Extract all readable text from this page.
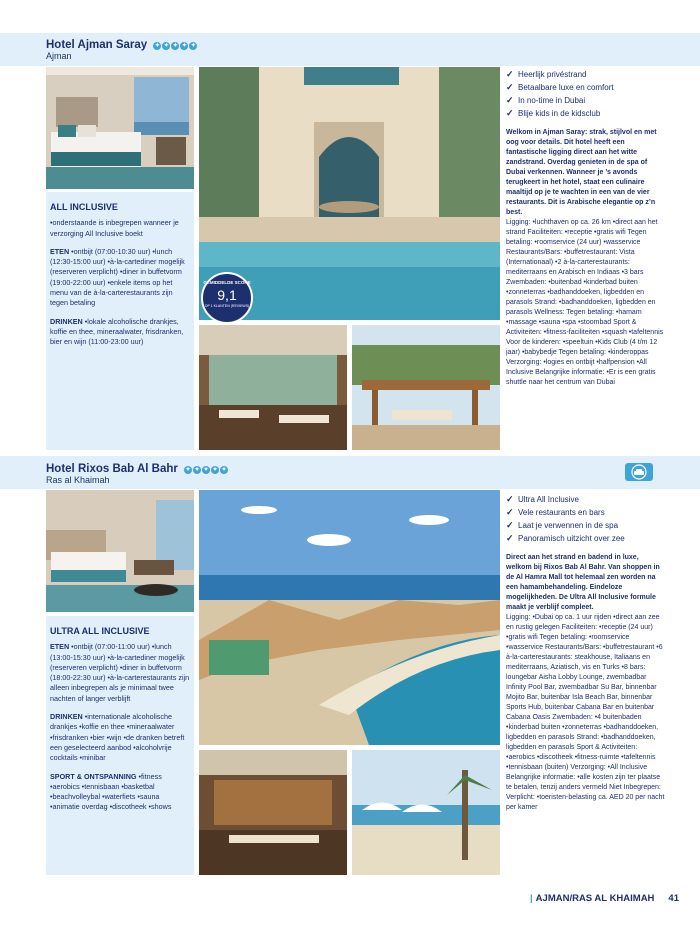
Hotel Ajman Saray ✦ ✦ ✦ ✦ ✦
Ajman
ALL INCLUSIVE

•onderstaande is inbegrepen wanneer je verzorging All Inclusive boekt

ETEN •ontbijt (07:00-10:30 uur) •lunch (12:30-15:00 uur) •à-la-cartediner mogelijk (reserveren verplicht) •diner in buffetvorm (19:00-22:00 uur) •enkele items op het menu van de à-la-carterestaurants zijn tegen betaling

DRINKEN •lokale alcoholische drankjes, koffie en thee, mineraalwater, frisdranken, bier en wijn (11:00-23:00 uur)

GEMIDDELDE SCORE
9,1
OP 1 KLANTEN (REVIEWS)
✓ Heerlijk privéstrand
✓ Betaalbare luxe en comfort
✓ In no-time in Dubai
✓ Blije kids in de kidsclub
Welkom in Ajman Saray: strak, stijlvol en met oog voor details. Dit hotel heeft een fantastische ligging direct aan het witte zandstrand. Overdag genieten in de spa of Dubai verkennen. Wanneer je ’s avonds terugkeert in het hotel, staat een culinaire maaltijd op je te wachten in een van de vier restaurants. Dit is Arabische elegantie op z’n best.
Ligging: •luchthaven op ca. 26 km •direct aan het strand Faciliteiten: •receptie •gratis wifi Tegen betaling: •roomservice (24 uur) •wasservice Restaurants/Bars: •buffetrestaurant: Vista (Internationaal) •2 à-la-carterestaurants: mediterraans en Arabisch en Indiaas •3 bars Zwembaden: •buitenbad •kinderbad buiten •zonneterras •badhanddoeken, ligbedden en parasols Strand: •badhanddoeken, ligbedden en parasols Wellness: Tegen betaling: •hamam •massage •sauna •spa •stoombad Sport & Activiteiten: •fitness-faciliteiten •squash •tafeltennis Voor de kinderen: •speeltuin •Kids Club (4 t/m 12 jaar) •babybedje Tegen betaling: •kinderoppas Verzorging: •logies en ontbijt •halfpension •All Inclusive Belangrijke informatie: •Er is een gratis shuttle naar het centrum van Dubai
Hotel Rixos Bab Al Bahr ✦ ✦ ✦ ✦ ✦
Ras al Khaimah
ULTRA ALL INCLUSIVE

ETEN •ontbijt (07:00-11:00 uur) •lunch (13:00-15:30 uur) •à-la-cartediner mogelijk (reserveren verplicht) •diner in buffetvorm (18:00-22:30 uur) •à-la-carterestaurants zijn alleen inbegrepen als je minimaal twee nachten of langer verblijft

DRINKEN •internationale alcoholische drankjes •koffie en thee •mineraalwater •frisdranken •bier •wijn •de dranken betreft een geselecteerd aanbod •alcoholvrije cocktails •minibar

SPORT & ONTSPANNING •fitness •aerobics •tennisbaan •basketbal •beachvolleybal •waterfiets •sauna •animatie overdag •discotheek •shows

✓ Ultra All Inclusive
✓ Vele restaurants en bars
✓ Laat je verwennen in de spa
✓ Panoramisch uitzicht over zee
Direct aan het strand en badend in luxe, welkom bij Rixos Bab Al Bahr. Van shoppen in de Al Hamra Mall tot helemaal zen worden na een hamambehandeling. Eindeloze mogelijkheden. De Ultra All Inclusive formule maakt je verblijf compleet.
Ligging: •Dubai op ca. 1 uur rijden •direct aan zee en rustig gelegen Faciliteiten: •receptie (24 uur) •gratis wifi Tegen betaling: •roomservice •wasservice Restaurants/Bars: •buffetrestaurant •6 à-la-carterestaurants: steakhouse, Italiaans en mediterraans, Aziatisch, vis en Turks •8 bars: loungebar Aisha Lobby Lounge, zwembadbar Infinity Pool Bar, zwembadbar Su Bar, binnenbar Mojito Bar, buitenbar Isla Beach Bar, binnenbar Sports Hub, buitenbar Cabana Bar en buitenbar Cabana Oasis Zwembaden: •4 buitenbaden •kinderbad buiten •zonneterras •badhanddoeken, ligbedden en parasols Strand: •badhanddoeken, ligbedden en parasols Sport & Activiteiten: •aerobics •discotheek •fitness-ruimte •tafeltennis •tennisbaan (buiten) Verzorging: •All Inclusive Belangrijke informatie: •alle kosten zijn ter plaatse te betalen, tenzij anders vermeld Niet Inbegrepen: Verplicht: •toeristen-belasting ca. AED 20 per nacht per kamer
| AJMAN/RAS AL KHAIMAH 41
